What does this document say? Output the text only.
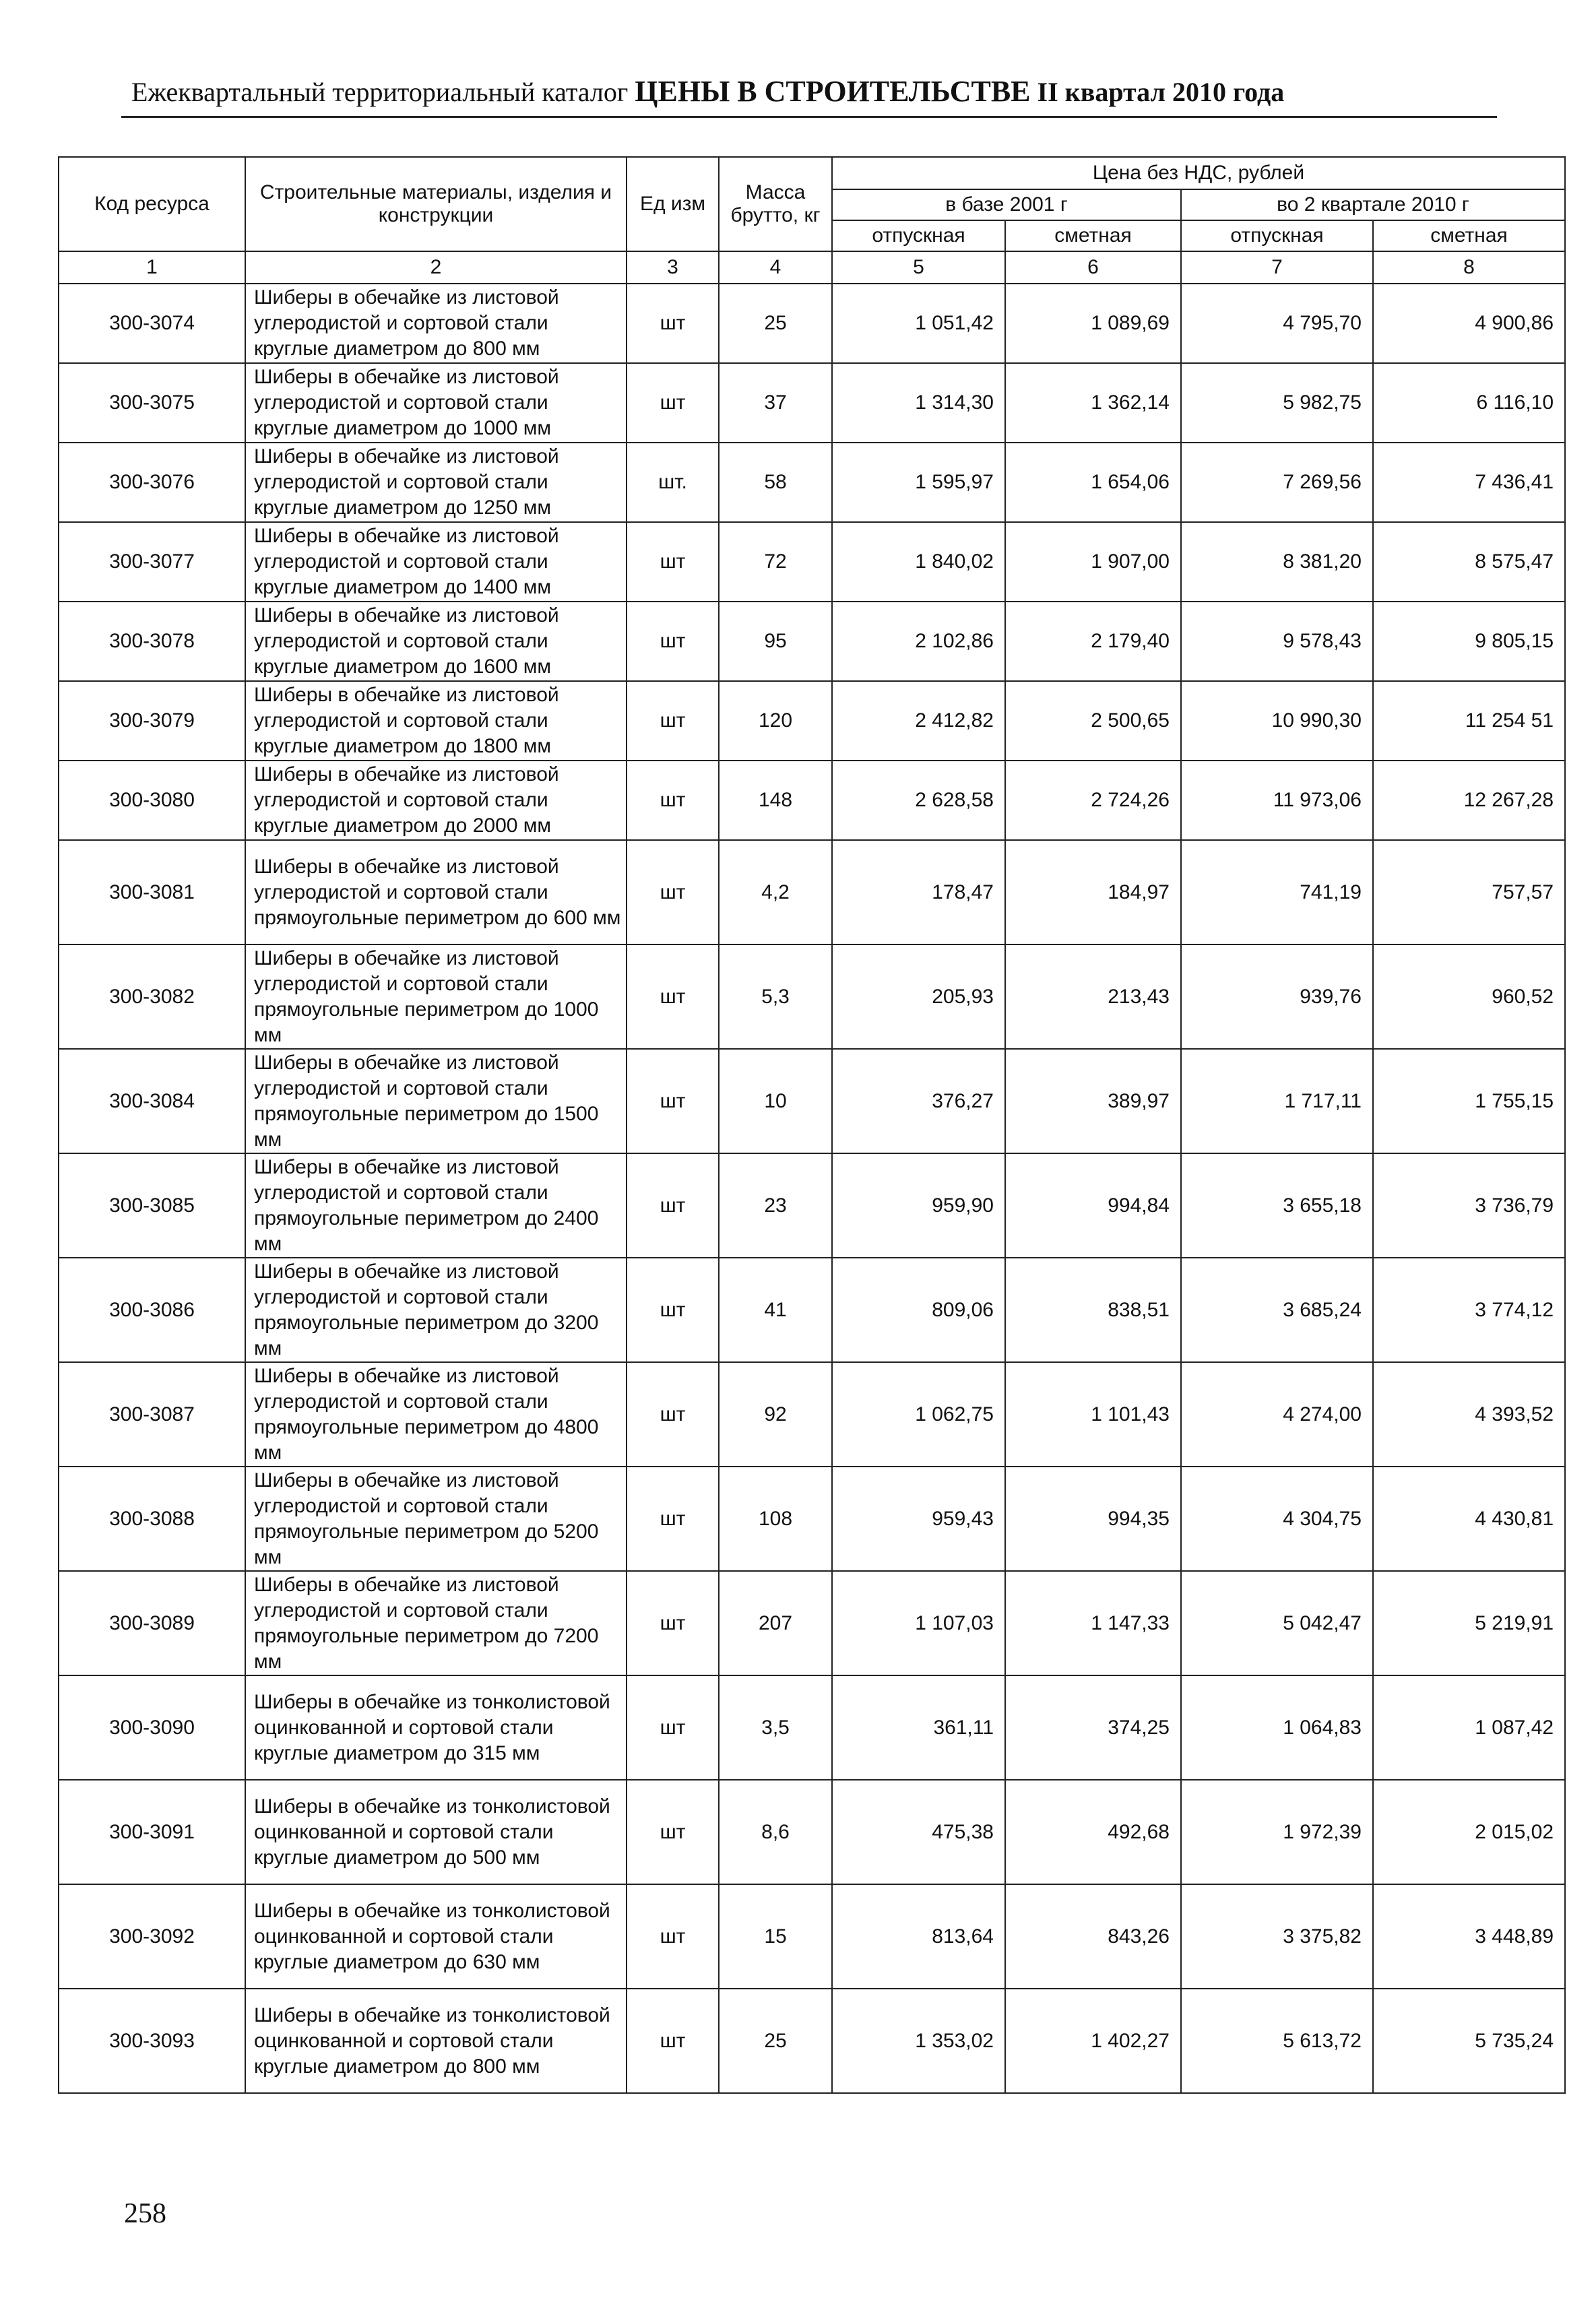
Ежеквартальный территориальный каталог ЦЕНЫ В СТРОИТЕЛЬСТВЕ II квартал 2010 года
Код ресурса	Строительные материалы, изделия и конструкции	Ед изм	Масса брутто, кг	Цена без НДС, рублей			
				в базе 2001 г		во 2 квартале 2010 г	
				отпускная	сметная	отпускная	сметная
1	2	3	4	5	6	7	8
300-3074	Шиберы в обечайке из листовой углеродистой и сортовой стали круглые диаметром до 800 мм	шт	25	1 051,42	1 089,69	4 795,70	4 900,86
300-3075	Шиберы в обечайке из листовой углеродистой и сортовой стали круглые диаметром до 1000 мм	шт	37	1 314,30	1 362,14	5 982,75	6 116,10
300-3076	Шиберы в обечайке из листовой углеродистой и сортовой стали круглые диаметром до 1250 мм	шт.	58	1 595,97	1 654,06	7 269,56	7 436,41
300-3077	Шиберы в обечайке из листовой углеродистой и сортовой стали круглые диаметром до 1400 мм	шт	72	1 840,02	1 907,00	8 381,20	8 575,47
300-3078	Шиберы в обечайке из листовой углеродистой и сортовой стали круглые диаметром до 1600 мм	шт	95	2 102,86	2 179,40	9 578,43	9 805,15
300-3079	Шиберы в обечайке из листовой углеродистой и сортовой стали круглые диаметром до 1800 мм	шт	120	2 412,82	2 500,65	10 990,30	11 254 51
300-3080	Шиберы в обечайке из листовой углеродистой и сортовой стали круглые диаметром до 2000 мм	шт	148	2 628,58	2 724,26	11 973,06	12 267,28
300-3081	Шиберы в обечайке из листовой углеродистой и сортовой стали прямоугольные периметром до 600 мм	шт	4,2	178,47	184,97	741,19	757,57
300-3082	Шиберы в обечайке из листовой углеродистой и сортовой стали прямоугольные периметром до 1000 мм	шт	5,3	205,93	213,43	939,76	960,52
300-3084	Шиберы в обечайке из листовой углеродистой и сортовой стали прямоугольные периметром до 1500 мм	шт	10	376,27	389,97	1 717,11	1 755,15
300-3085	Шиберы в обечайке из листовой углеродистой и сортовой стали прямоугольные периметром до 2400 мм	шт	23	959,90	994,84	3 655,18	3 736,79
300-3086	Шиберы в обечайке из листовой углеродистой и сортовой стали прямоугольные периметром до 3200 мм	шт	41	809,06	838,51	3 685,24	3 774,12
300-3087	Шиберы в обечайке из листовой углеродистой и сортовой стали прямоугольные периметром до 4800 мм	шт	92	1 062,75	1 101,43	4 274,00	4 393,52
300-3088	Шиберы в обечайке из листовой углеродистой и сортовой стали прямоугольные периметром до 5200 мм	шт	108	959,43	994,35	4 304,75	4 430,81
300-3089	Шиберы в обечайке из листовой углеродистой и сортовой стали прямоугольные периметром до 7200 мм	шт	207	1 107,03	1 147,33	5 042,47	5 219,91
300-3090	Шиберы в обечайке из тонколистовой оцинкованной и сортовой стали круглые диаметром до 315 мм	шт	3,5	361,11	374,25	1 064,83	1 087,42
300-3091	Шиберы в обечайке из тонколистовой оцинкованной и сортовой стали круглые диаметром до 500 мм	шт	8,6	475,38	492,68	1 972,39	2 015,02
300-3092	Шиберы в обечайке из тонколистовой оцинкованной и сортовой стали круглые диаметром до 630 мм	шт	15	813,64	843,26	3 375,82	3 448,89
300-3093	Шиберы в обечайке из тонколистовой оцинкованной и сортовой стали круглые диаметром до 800 мм	шт	25	1 353,02	1 402,27	5 613,72	5 735,24
258
